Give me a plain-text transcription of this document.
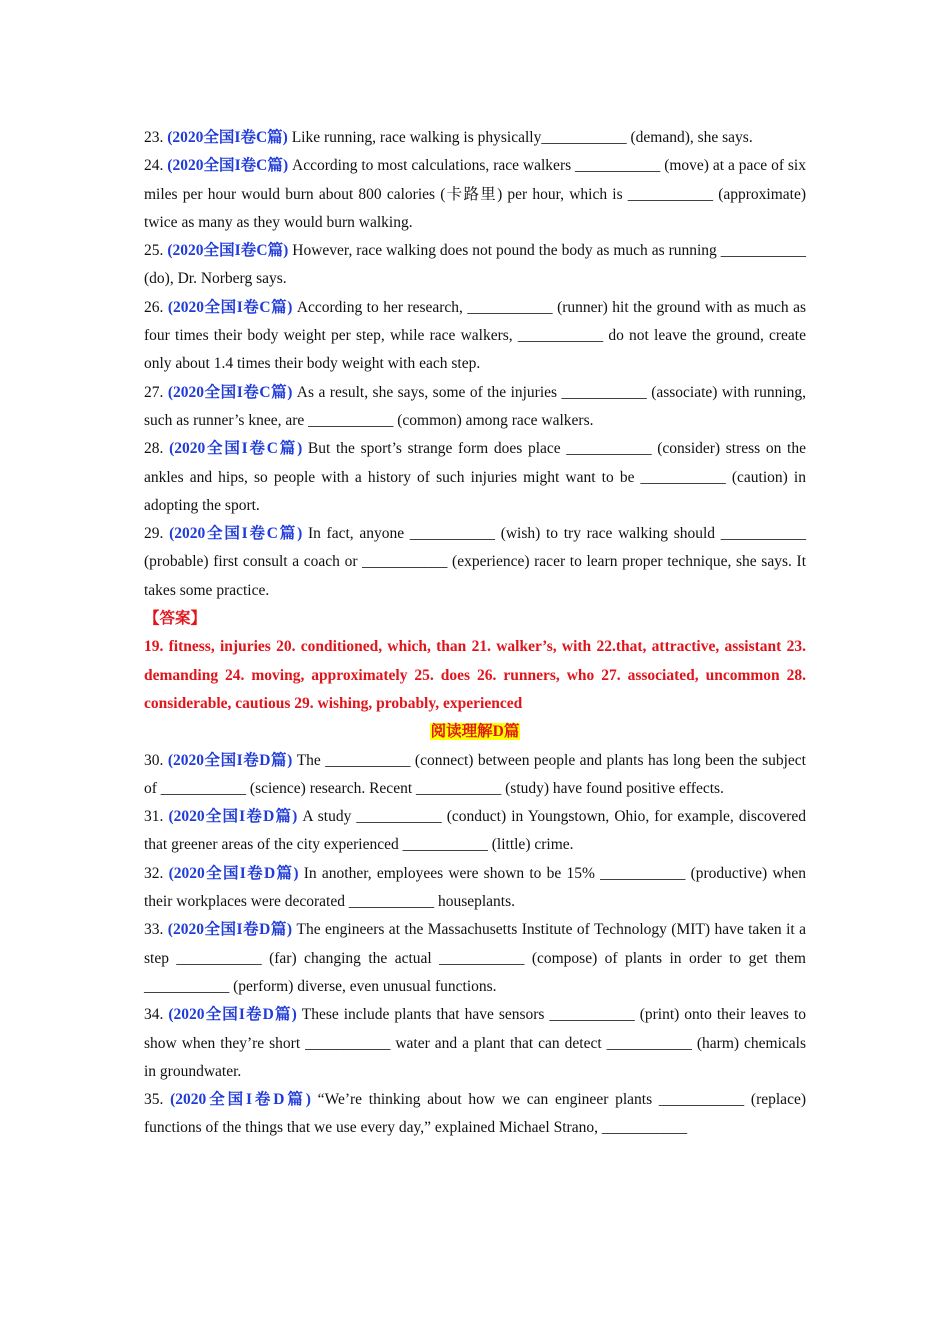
23. (2020全国I卷C篇) Like running, race walking is physically___________ (demand), she says.

24. (2020全国I卷C篇) According to most calculations, race walkers ___________ (move) at a pace of six miles per hour would burn about 800 calories (卡路里) per hour, which is ___________ (approximate) twice as many as they would burn walking.

25. (2020全国I卷C篇) However, race walking does not pound the body as much as running ___________ (do), Dr. Norberg says.

26. (2020全国I卷C篇) According to her research, ___________ (runner) hit the ground with as much as four times their body weight per step, while race walkers, ___________ do not leave the ground, create only about 1.4 times their body weight with each step.

27. (2020全国I卷C篇) As a result, she says, some of the injuries ___________ (associate) with running, such as runner’s knee, are ___________ (common) among race walkers.

28. (2020全国I卷C篇) But the sport’s strange form does place ___________ (consider) stress on the ankles and hips, so people with a history of such injuries might want to be ___________ (caution) in adopting the sport.

29. (2020全国I卷C篇) In fact, anyone ___________ (wish) to try race walking should ___________ (probable) first consult a coach or ___________ (experience) racer to learn proper technique, she says. It takes some practice.

【答案】

19. fitness, injuries 20. conditioned, which, than 21. walker’s, with 22.that, attractive, assistant 23. demanding 24. moving, approximately 25. does 26. runners, who 27. associated, uncommon 28. considerable, cautious 29. wishing, probably, experienced

阅读理解D篇

30. (2020全国I卷D篇) The ___________ (connect) between people and plants has long been the subject of ___________ (science) research. Recent ___________ (study) have found positive effects.

31. (2020全国I卷D篇) A study ___________ (conduct) in Youngstown, Ohio, for example, discovered that greener areas of the city experienced ___________ (little) crime.

32. (2020全国I卷D篇) In another, employees were shown to be 15% ___________ (productive) when their workplaces were decorated ___________ houseplants.

33. (2020全国I卷D篇) The engineers at the Massachusetts Institute of Technology (MIT) have taken it a step ___________ (far) changing the actual ___________ (compose) of plants in order to get them ___________ (perform) diverse, even unusual functions.

34. (2020全国I卷D篇) These include plants that have sensors ___________ (print) onto their leaves to show when they’re short ___________ water and a plant that can detect ___________ (harm) chemicals in groundwater.

35. (2020全国I卷D篇) “We’re thinking about how we can engineer plants ___________ (replace) functions of the things that we use every day,” explained Michael Strano, ___________
